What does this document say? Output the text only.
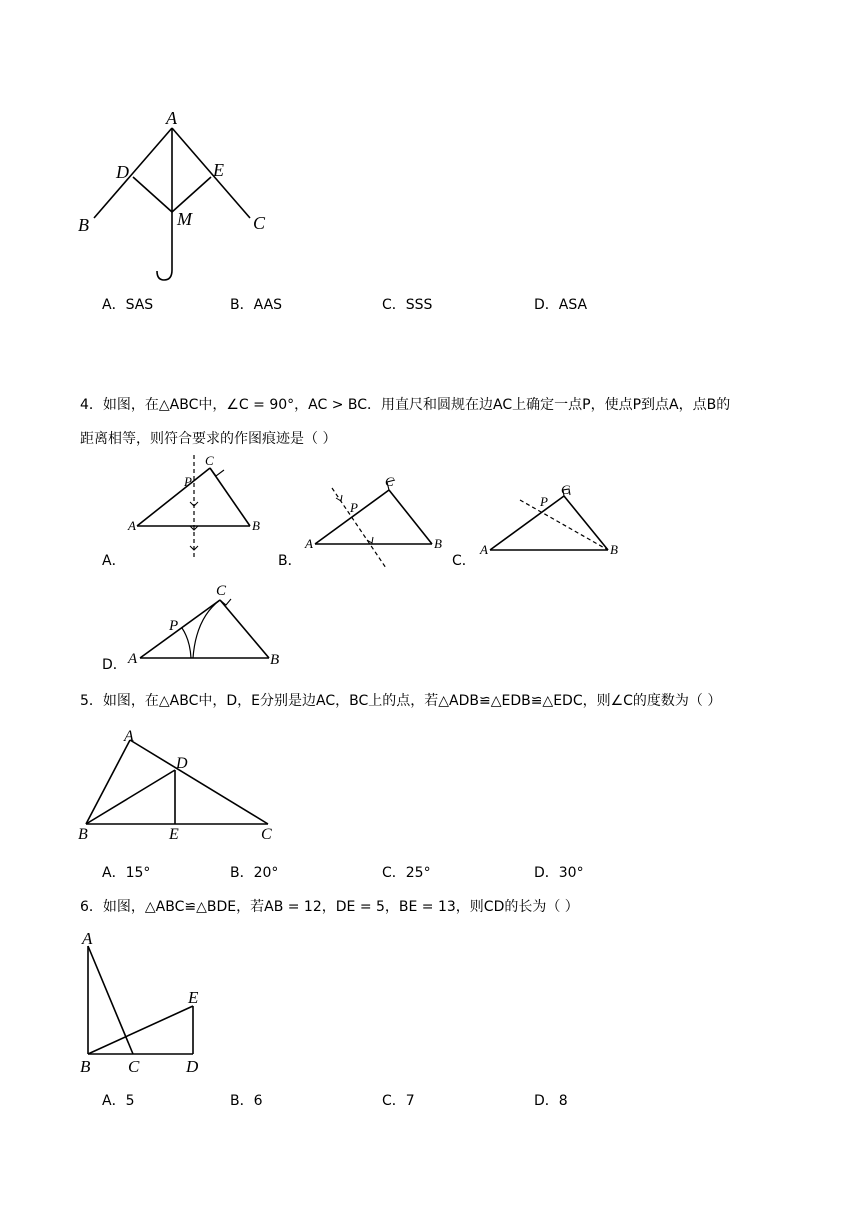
A
D	E
M
B	C
A．SAS	B．AAS	C．SSS	D．ASA
4．如图，在△ABC中，∠C = 90°，AC > BC．用直尺和圆规在边AC上确定一点P，使点P到点A，点B的
距离相等，则符合要求的作图痕迹是（ ）
C
P
A	B
C
P
A	B
C
P
A	B
C
P
A	B
A．	B．	C．
D．
5．如图，在△ABC中，D，E分别是边AC，BC上的点，若△ADB≌△EDB≌△EDC，则∠C的度数为（ ）
A
D
B	E	C
A．15°	B．20°	C．25°	D．30°
6．如图，△ABC≌△BDE，若AB = 12，DE = 5，BE = 13，则CD的长为（ ）
A
E
B C	D
A．5	B．6	C．7	D．8
